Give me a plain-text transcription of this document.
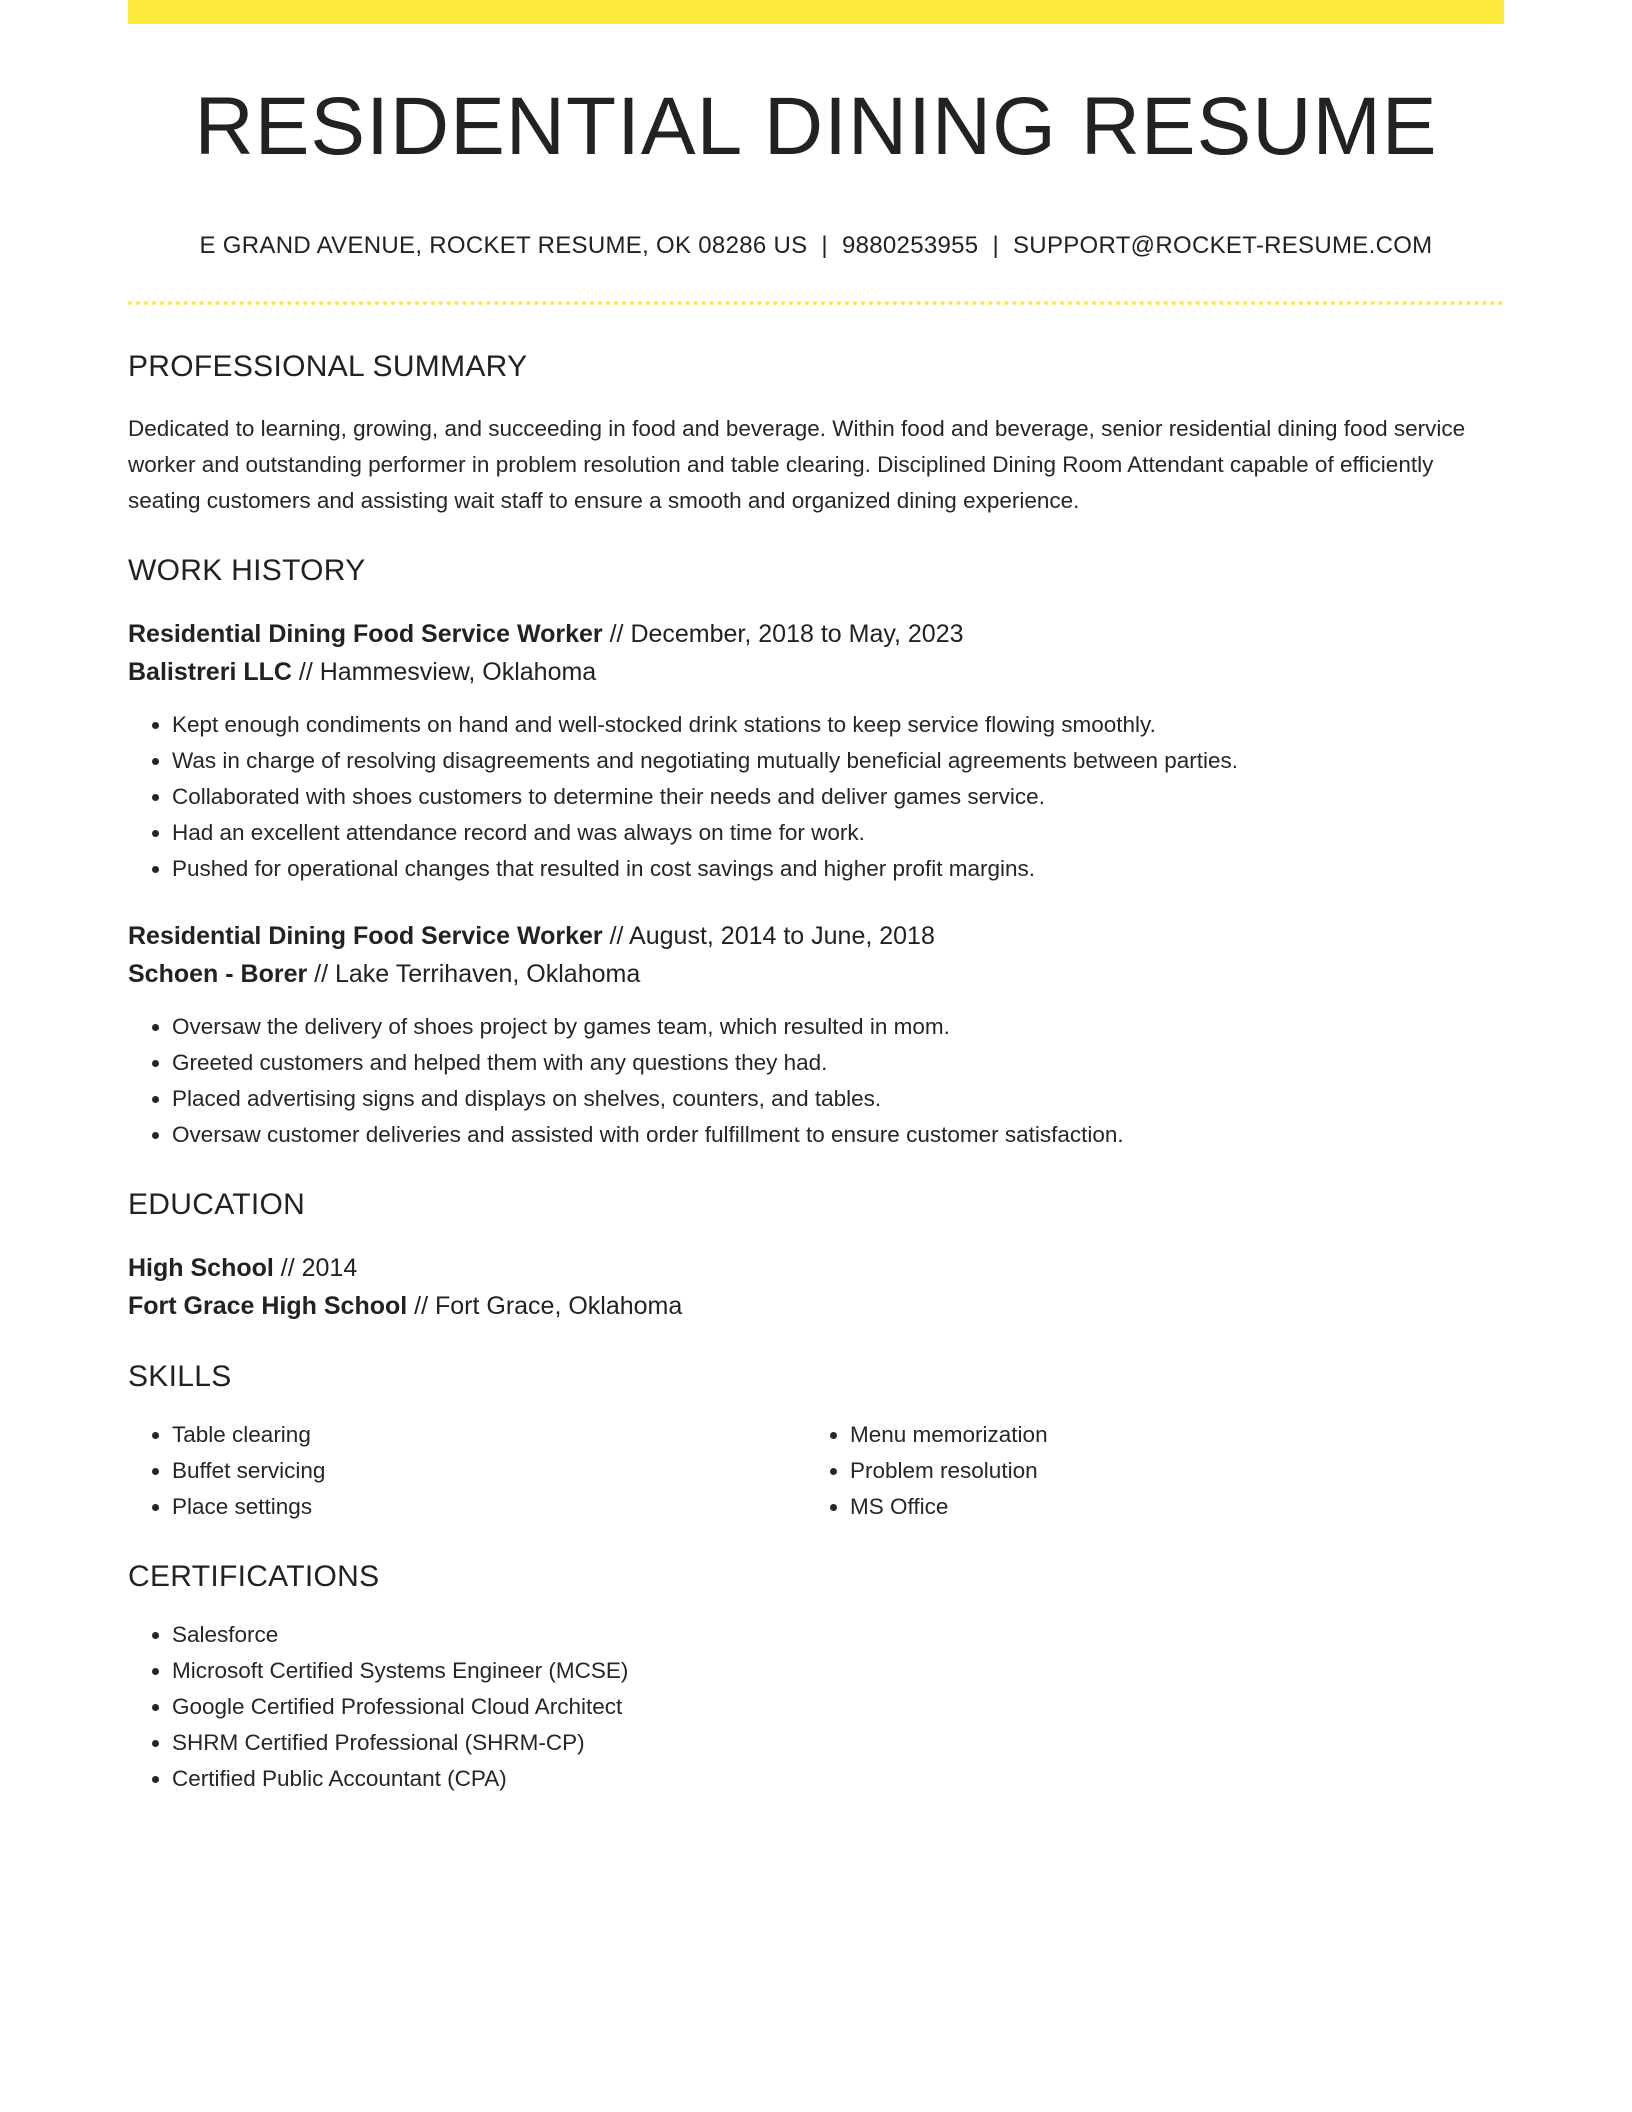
RESIDENTIAL DINING RESUME
E GRAND AVENUE, ROCKET RESUME, OK 08286 US | 9880253955 | SUPPORT@ROCKET-RESUME.COM
PROFESSIONAL SUMMARY

Dedicated to learning, growing, and succeeding in food and beverage. Within food and beverage, senior residential dining food service worker and outstanding performer in problem resolution and table clearing. Disciplined Dining Room Attendant capable of efficiently seating customers and assisting wait staff to ensure a smooth and organized dining experience.

WORK HISTORY
Residential Dining Food Service Worker // December, 2018 to May, 2023
Balistreri LLC // Hammesview, Oklahoma
• Kept enough condiments on hand and well-stocked drink stations to keep service flowing smoothly.
• Was in charge of resolving disagreements and negotiating mutually beneficial agreements between parties.
• Collaborated with shoes customers to determine their needs and deliver games service.
• Had an excellent attendance record and was always on time for work.
• Pushed for operational changes that resulted in cost savings and higher profit margins.
Residential Dining Food Service Worker // August, 2014 to June, 2018
Schoen - Borer // Lake Terrihaven, Oklahoma
• Oversaw the delivery of shoes project by games team, which resulted in mom.
• Greeted customers and helped them with any questions they had.
• Placed advertising signs and displays on shelves, counters, and tables.
• Oversaw customer deliveries and assisted with order fulfillment to ensure customer satisfaction.
EDUCATION
High School // 2014
Fort Grace High School // Fort Grace, Oklahoma
SKILLS
• Table clearing
• Buffet servicing
• Place settings
• Menu memorization
• Problem resolution
• MS Office
CERTIFICATIONS
• Salesforce
• Microsoft Certified Systems Engineer (MCSE)
• Google Certified Professional Cloud Architect
• SHRM Certified Professional (SHRM-CP)
• Certified Public Accountant (CPA)
